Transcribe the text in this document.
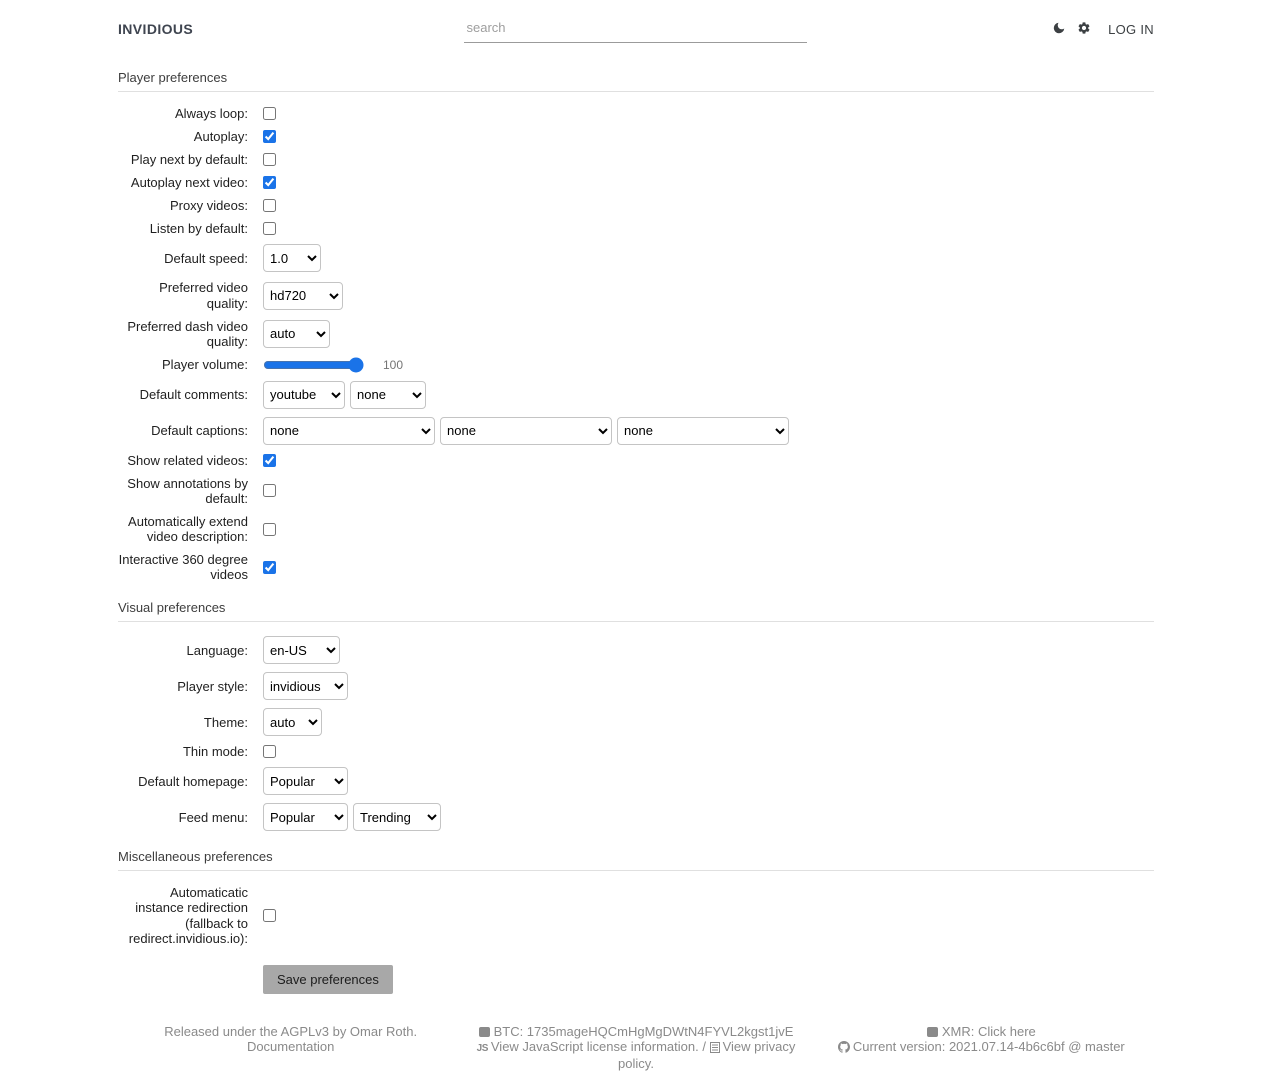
INVIDIOUS
search	LOG IN
Player preferences
Always loop:
Autoplay:
Play next by default:
Autoplay next video:
Proxy videos:
Listen by default:
Default speed:
1.0
Preferred video quality:
hd720
Preferred dash video quality:
auto
Player volume:	100
Default comments:
youtube
none
Default captions:
none
none
none
Show related videos:
Show annotations by default:
Automatically extend video description:
Interactive 360 degree videos
Visual preferences
Language:
en-US
Player style:
invidious
Theme:
auto
Thin mode:
Default homepage:
Popular
Feed menu:
Popular
Trending
Miscellaneous preferences
Automaticatic instance redirection (fallback to redirect.invidious.io):
Save preferences
Released under the AGPLv3 by Omar Roth.
Documentation
BTC: 1735mageHQCmHgMgDWtN4FYVL2kgst1jvE
JS View JavaScript license information. / View privacy policy.
XMR: Click here
Current version: 2021.07.14-4b6c6bf @ master
